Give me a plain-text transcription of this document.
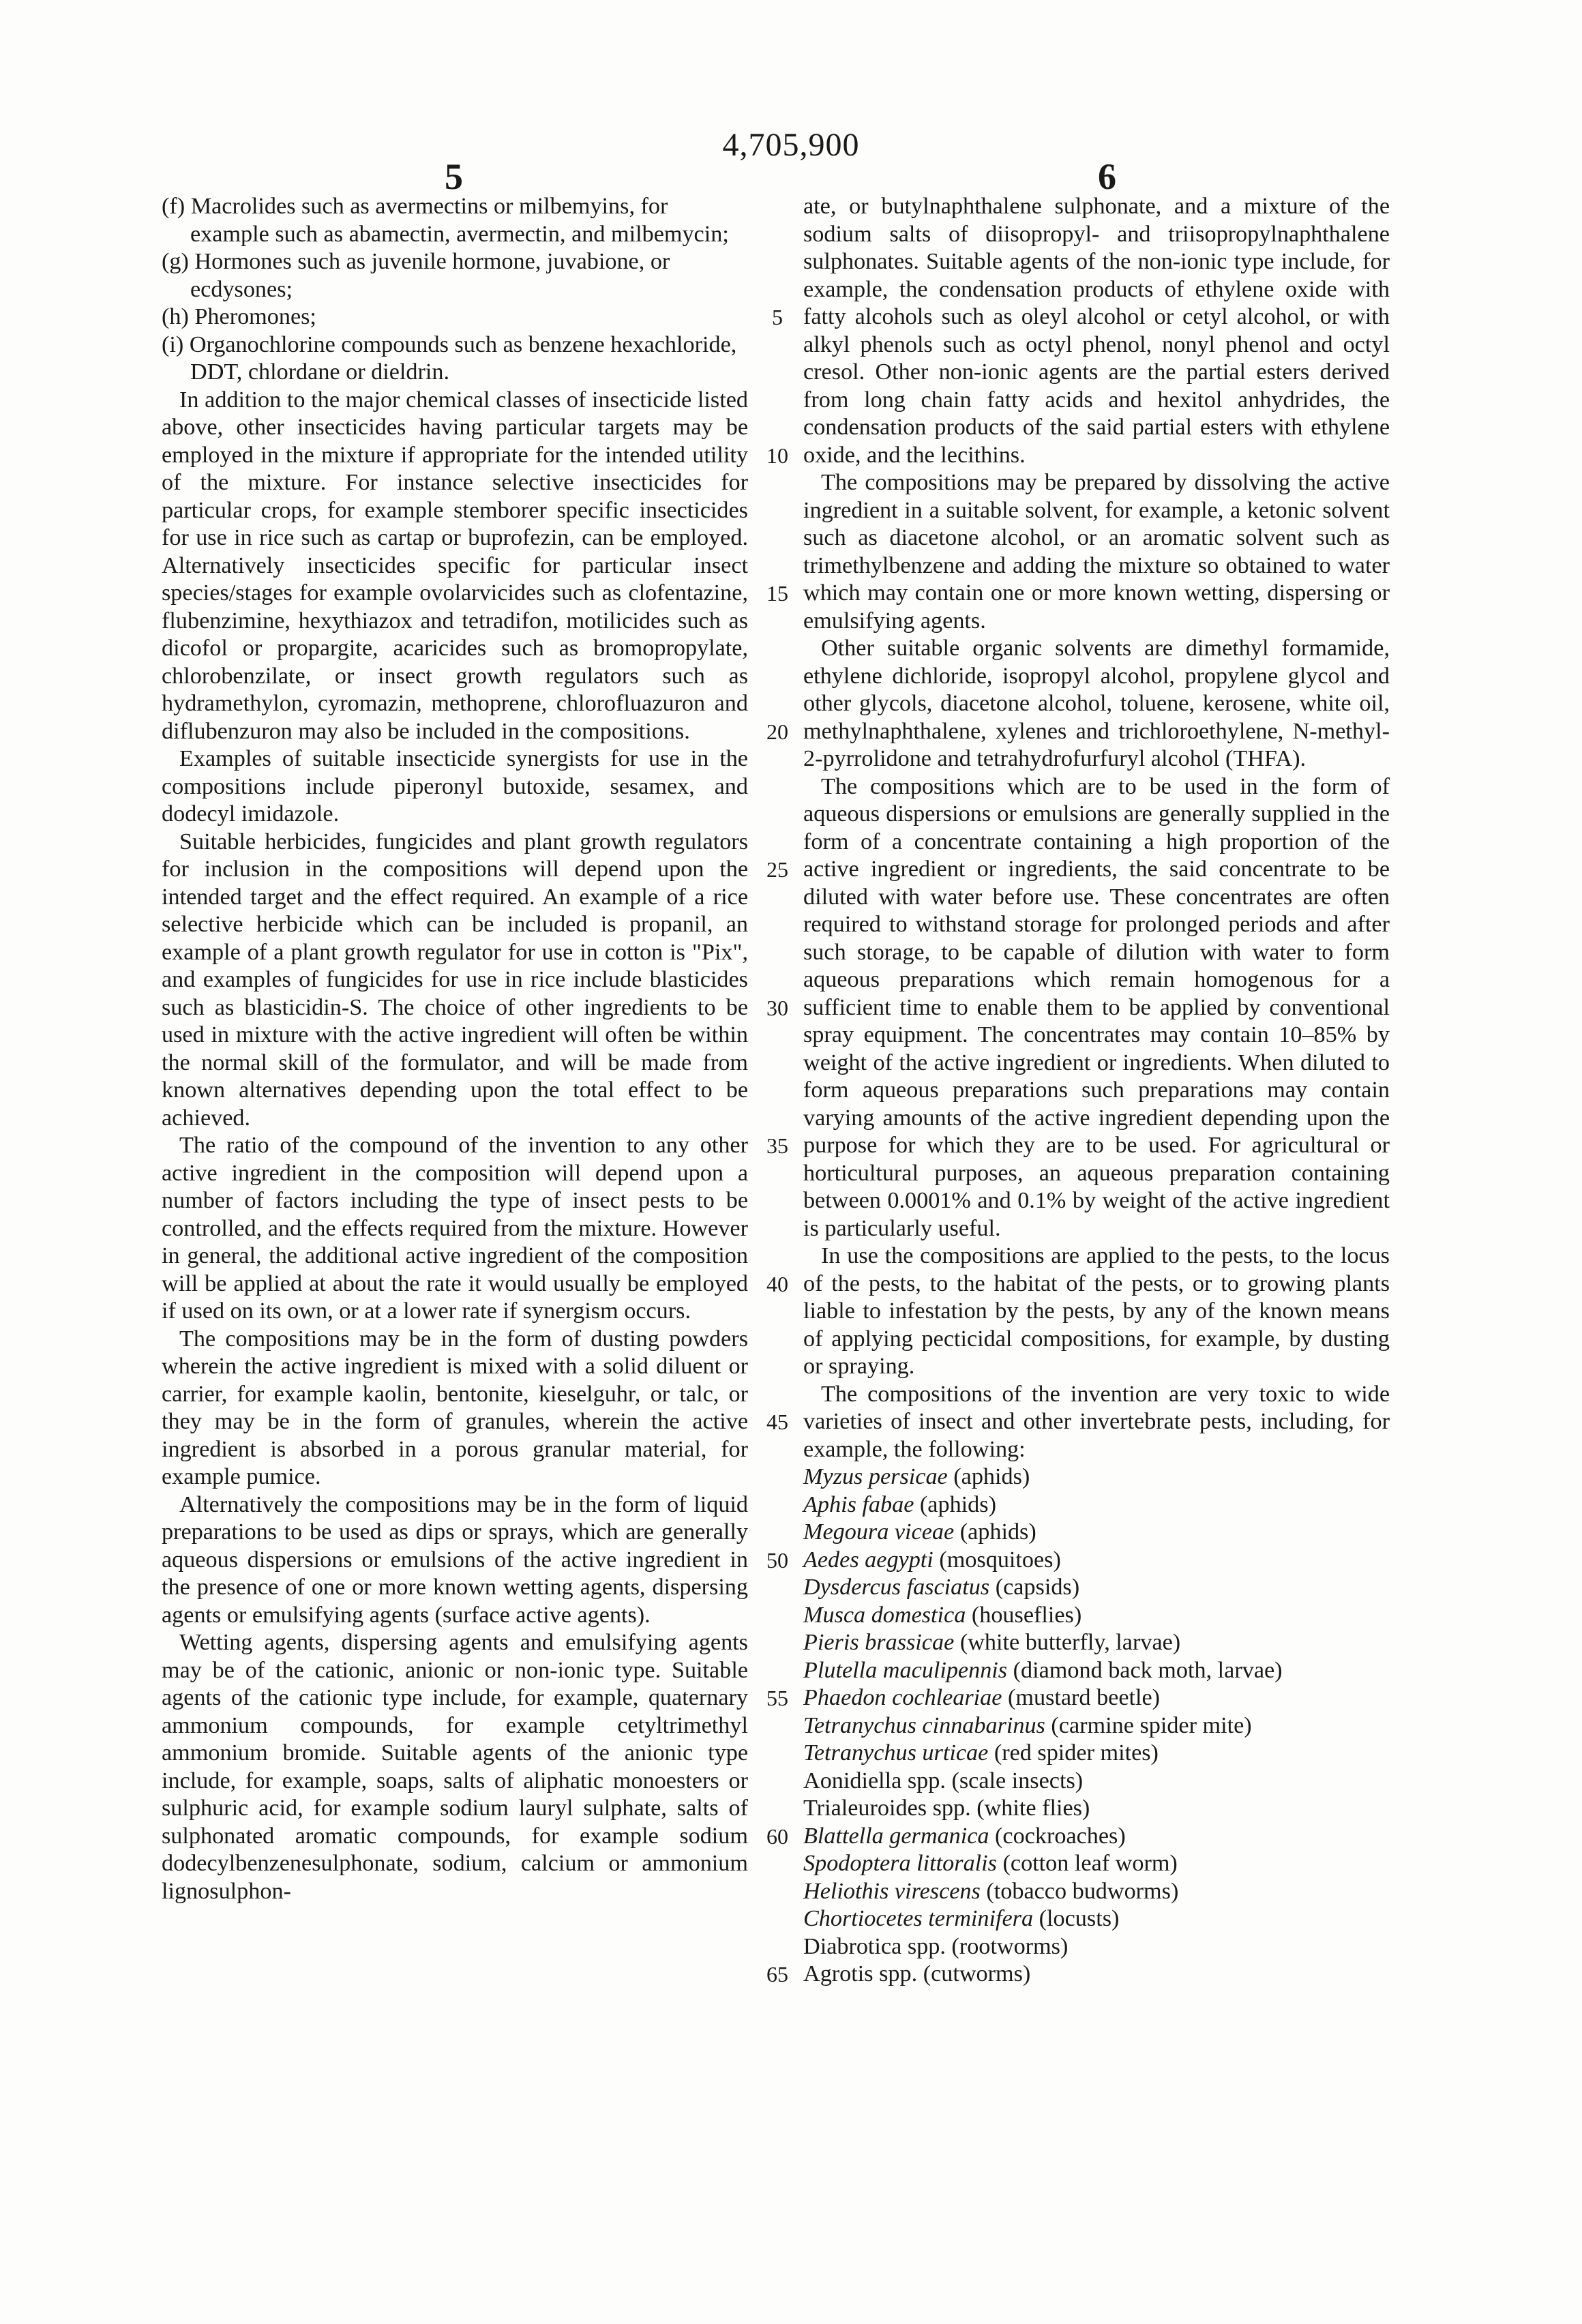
4,705,900
5	6

(f) Macrolides such as avermectins or milbemyins, for example such as abamectin, avermectin, and milbemycin;

(g) Hormones such as juvenile hormone, juvabione, or ecdysones;

(h) Pheromones;

(i) Organochlorine compounds such as benzene hexachloride, DDT, chlordane or dieldrin.

In addition to the major chemical classes of insecticide listed above, other insecticides having particular targets may be employed in the mixture if appropriate for the intended utility of the mixture. For instance selective insecticides for particular crops, for example stemborer specific insecticides for use in rice such as cartap or buprofezin, can be employed. Alternatively insecticides specific for particular insect species/stages for example ovolarvicides such as clofentazine, flubenzimine, hexythiazox and tetradifon, motilicides such as dicofol or propargite, acaricides such as bromopropylate, chlorobenzilate, or insect growth regulators such as hydramethylon, cyromazin, methoprene, chlorofluazuron and diflubenzuron may also be included in the compositions.

Examples of suitable insecticide synergists for use in the compositions include piperonyl butoxide, sesamex, and dodecyl imidazole.

Suitable herbicides, fungicides and plant growth regulators for inclusion in the compositions will depend upon the intended target and the effect required. An example of a rice selective herbicide which can be included is propanil, an example of a plant growth regulator for use in cotton is "Pix", and examples of fungicides for use in rice include blasticides such as blasticidin-S. The choice of other ingredients to be used in mixture with the active ingredient will often be within the normal skill of the formulator, and will be made from known alternatives depending upon the total effect to be achieved.

The ratio of the compound of the invention to any other active ingredient in the composition will depend upon a number of factors including the type of insect pests to be controlled, and the effects required from the mixture. However in general, the additional active ingredient of the composition will be applied at about the rate it would usually be employed if used on its own, or at a lower rate if synergism occurs.

The compositions may be in the form of dusting powders wherein the active ingredient is mixed with a solid diluent or carrier, for example kaolin, bentonite, kieselguhr, or talc, or they may be in the form of granules, wherein the active ingredient is absorbed in a porous granular material, for example pumice.

Alternatively the compositions may be in the form of liquid preparations to be used as dips or sprays, which are generally aqueous dispersions or emulsions of the active ingredient in the presence of one or more known wetting agents, dispersing agents or emulsifying agents (surface active agents).

Wetting agents, dispersing agents and emulsifying agents may be of the cationic, anionic or non-ionic type. Suitable agents of the cationic type include, for example, quaternary ammonium compounds, for example cetyltrimethyl ammonium bromide. Suitable agents of the anionic type include, for example, soaps, salts of aliphatic monoesters or sulphuric acid, for example sodium lauryl sulphate, salts of sulphonated aromatic compounds, for example sodium dodecylbenzenesulphonate, sodium, calcium or ammonium lignosulphon-

ate, or butylnaphthalene sulphonate, and a mixture of the sodium salts of diisopropyl- and triisopropylnaphthalene sulphonates. Suitable agents of the non-ionic type include, for example, the condensation products of ethylene oxide with fatty alcohols such as oleyl alcohol or cetyl alcohol, or with alkyl phenols such as octyl phenol, nonyl phenol and octyl cresol. Other non-ionic agents are the partial esters derived from long chain fatty acids and hexitol anhydrides, the condensation products of the said partial esters with ethylene oxide, and the lecithins.

The compositions may be prepared by dissolving the active ingredient in a suitable solvent, for example, a ketonic solvent such as diacetone alcohol, or an aromatic solvent such as trimethylbenzene and adding the mixture so obtained to water which may contain one or more known wetting, dispersing or emulsifying agents.

Other suitable organic solvents are dimethyl formamide, ethylene dichloride, isopropyl alcohol, propylene glycol and other glycols, diacetone alcohol, toluene, kerosene, white oil, methylnaphthalene, xylenes and trichloroethylene, N-methyl-2-pyrrolidone and tetrahydrofurfuryl alcohol (THFA).

The compositions which are to be used in the form of aqueous dispersions or emulsions are generally supplied in the form of a concentrate containing a high proportion of the active ingredient or ingredients, the said concentrate to be diluted with water before use. These concentrates are often required to withstand storage for prolonged periods and after such storage, to be capable of dilution with water to form aqueous preparations which remain homogenous for a sufficient time to enable them to be applied by conventional spray equipment. The concentrates may contain 10–85% by weight of the active ingredient or ingredients. When diluted to form aqueous preparations such preparations may contain varying amounts of the active ingredient depending upon the purpose for which they are to be used. For agricultural or horticultural purposes, an aqueous preparation containing between 0.0001% and 0.1% by weight of the active ingredient is particularly useful.

In use the compositions are applied to the pests, to the locus of the pests, to the habitat of the pests, or to growing plants liable to infestation by the pests, by any of the known means of applying pecticidal compositions, for example, by dusting or spraying.

The compositions of the invention are very toxic to wide varieties of insect and other invertebrate pests, including, for example, the following:

Myzus persicae (aphids)

Aphis fabae (aphids)

Megoura viceae (aphids)

Aedes aegypti (mosquitoes)

Dysdercus fasciatus (capsids)

Musca domestica (houseflies)

Pieris brassicae (white butterfly, larvae)

Plutella maculipennis (diamond back moth, larvae)

Phaedon cochleariae (mustard beetle)

Tetranychus cinnabarinus (carmine spider mite)

Tetranychus urticae (red spider mites)

Aonidiella spp. (scale insects)

Trialeuroides spp. (white flies)

Blattella germanica (cockroaches)

Spodoptera littoralis (cotton leaf worm)

Heliothis virescens (tobacco budworms)

Chortiocetes terminifera (locusts)

Diabrotica spp. (rootworms)

Agrotis spp. (cutworms)

5
10
15
20
25
30
35
40
45
50
55
60
65
